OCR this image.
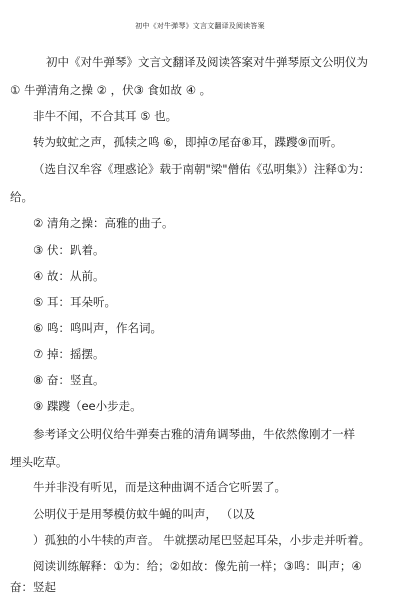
初中《对牛弹琴》文言文翻译及阅读答案
初中《对牛弹琴》文言文翻译及阅读答案对牛弹琴原文公明仪为
① 牛弹清角之操 ② ，伏③ 食如故 ④ 。
非牛不闻，不合其耳 ⑤ 也。
转为蚊虻之声，孤犊之鸣 ⑥，即掉⑦尾奋⑧耳，蹀躞⑨而听。
（选自汉牟容《理惑论》载于南朝"梁"僧佑《弘明集》）注释①为：
给。
② 清角之操：高雅的曲子。
③ 伏：趴着。
④ 故：从前。
⑤ 耳：耳朵听。
⑥ 鸣：鸣叫声，作名词。
⑦ 掉：摇摆。
⑧ 奋：竖直。
⑨ 蹀躞（ee小步走。
参考译文公明仪给牛弹奏古雅的清角调琴曲，牛依然像刚才一样
埋头吃草。
牛并非没有听见，而是这种曲调不适合它听罢了。
公明仪于是用琴模仿蚊牛蝇的叫声， （以及
）孤独的小牛犊的声音。 牛就摆动尾巴竖起耳朵，小步走并听着。
阅读训练解释：①为：给；②如故：像先前一样；③鸣：叫声；④
奋：竖起
